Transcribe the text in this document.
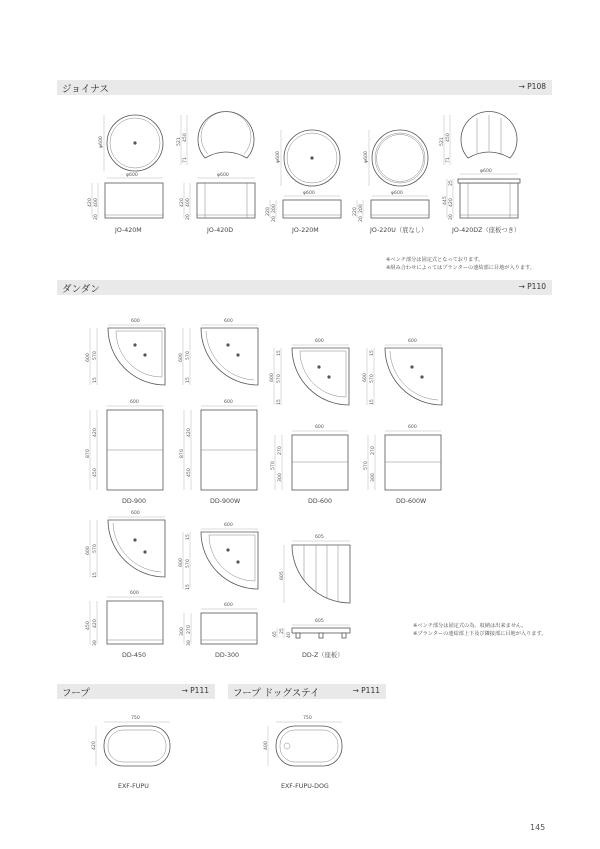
ジョイナス	→ P108
ダンダン	→ P110
フープ	→ P111	フープ ドッグステイ	→ P111
φ600
φ600
420 400
20
JO-420M
521 450
71
φ600
420 400
20
JO-420D
φ600
φ600
220 200
20
JO-220M
φ600
φ600
220 200
20
JO-220U（底なし）
521 450
71
φ600
445
25
420
20
JO-420DZ（座板つき）
※ベンチ部分は固定式となっております。
※組み合わせによってはプランターの連結部に目地が入ります。
600
600 570
15
600
870
420
450
DD-900
600
600 570
15
600
870
420
450
DD-900W
600
600 570
15
15
600
570
270
300
DD-600
600
600 570
15
15
600
570
270
300
DD-600W
600
600 570
15
600
450 420
30
DD-450
600
600 570
15
15
600
300 270
30
DD-300
605
605
605
65
25
40
DD-Z（座板）
※ベンチ部分は固定式の為、収納は出来ません。
※プランターの連結部上下及び隣接部に目地が入ります。
750
420
EXF-FUPU
750
400
EXF-FUPU-DOG
145
